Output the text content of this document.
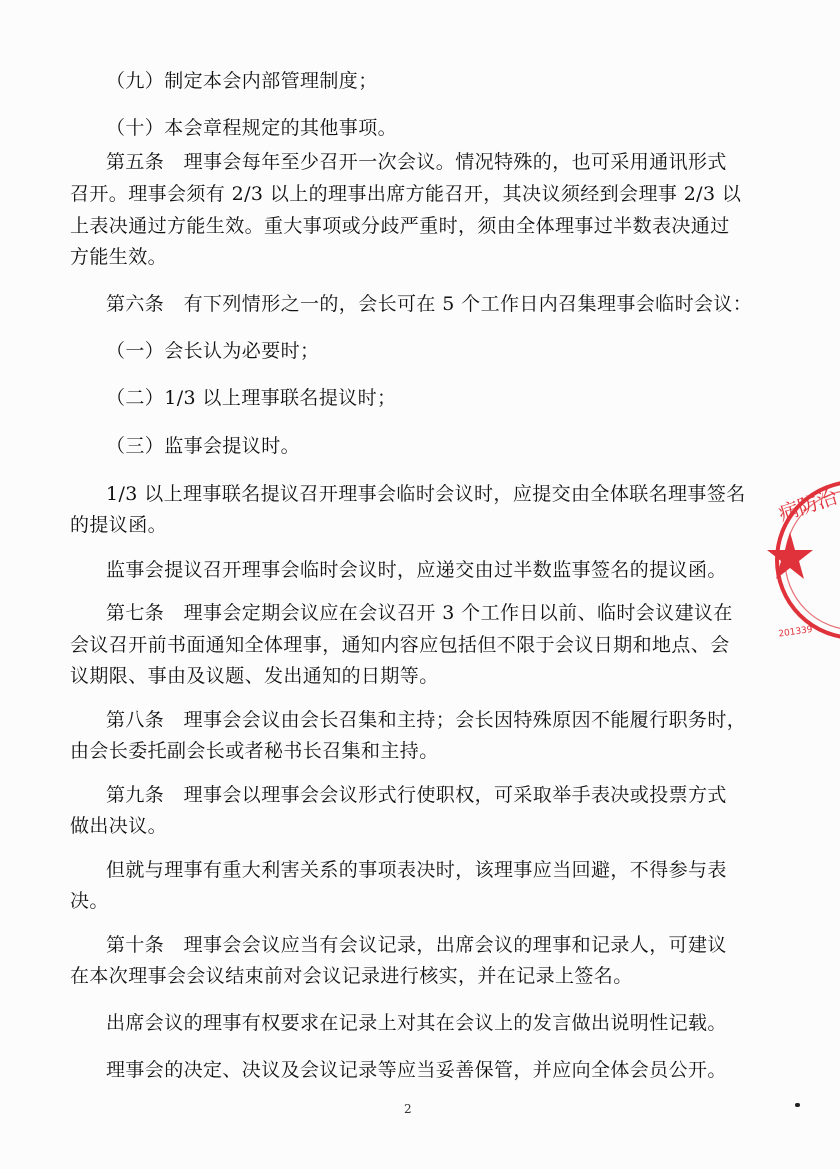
（九）制定本会内部管理制度；
（十）本会章程规定的其他事项。
第五条　理事会每年至少召开一次会议。情况特殊的，也可采用通讯形式
召开。理事会须有 2/3 以上的理事出席方能召开，其决议须经到会理事 2/3 以
上表决通过方能生效。重大事项或分歧严重时，须由全体理事过半数表决通过
方能生效。
第六条　有下列情形之一的，会长可在 5 个工作日内召集理事会临时会议：
（一）会长认为必要时；
（二）1/3 以上理事联名提议时；
（三）监事会提议时。
1/3 以上理事联名提议召开理事会临时会议时，应提交由全体联名理事签名
的提议函。
监事会提议召开理事会临时会议时，应递交由过半数监事签名的提议函。
第七条　理事会定期会议应在会议召开 3 个工作日以前、临时会议建议在
会议召开前书面通知全体理事，通知内容应包括但不限于会议日期和地点、会
议期限、事由及议题、发出通知的日期等。
第八条　理事会会议由会长召集和主持；会长因特殊原因不能履行职务时，
由会长委托副会长或者秘书长召集和主持。
第九条　理事会以理事会会议形式行使职权，可采取举手表决或投票方式
做出决议。
但就与理事有重大利害关系的事项表决时，该理事应当回避，不得参与表
决。
第十条　理事会会议应当有会议记录，出席会议的理事和记录人，可建议
在本次理事会会议结束前对会议记录进行核实，并在记录上签名。
出席会议的理事有权要求在记录上对其在会议上的发言做出说明性记载。
理事会的决定、决议及会议记录等应当妥善保管，并应向全体会员公开。
2
病防治
201339
